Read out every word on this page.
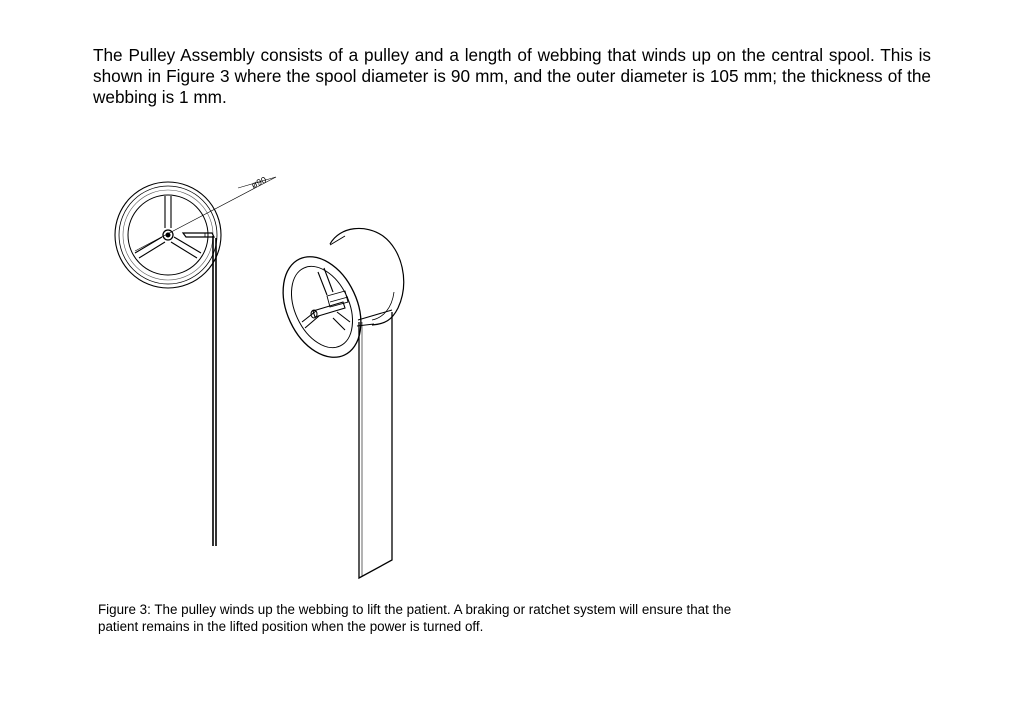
The Pulley Assembly consists of a pulley and a length of webbing that winds up on the central spool. This is shown in Figure 3 where the spool diameter is 90 mm, and the outer diameter is 105 mm; the thickness of the webbing is 1 mm.

ø90

Figure 3: The pulley winds up the webbing to lift the patient. A braking or ratchet system will ensure that the patient remains in the lifted position when the power is turned off.
